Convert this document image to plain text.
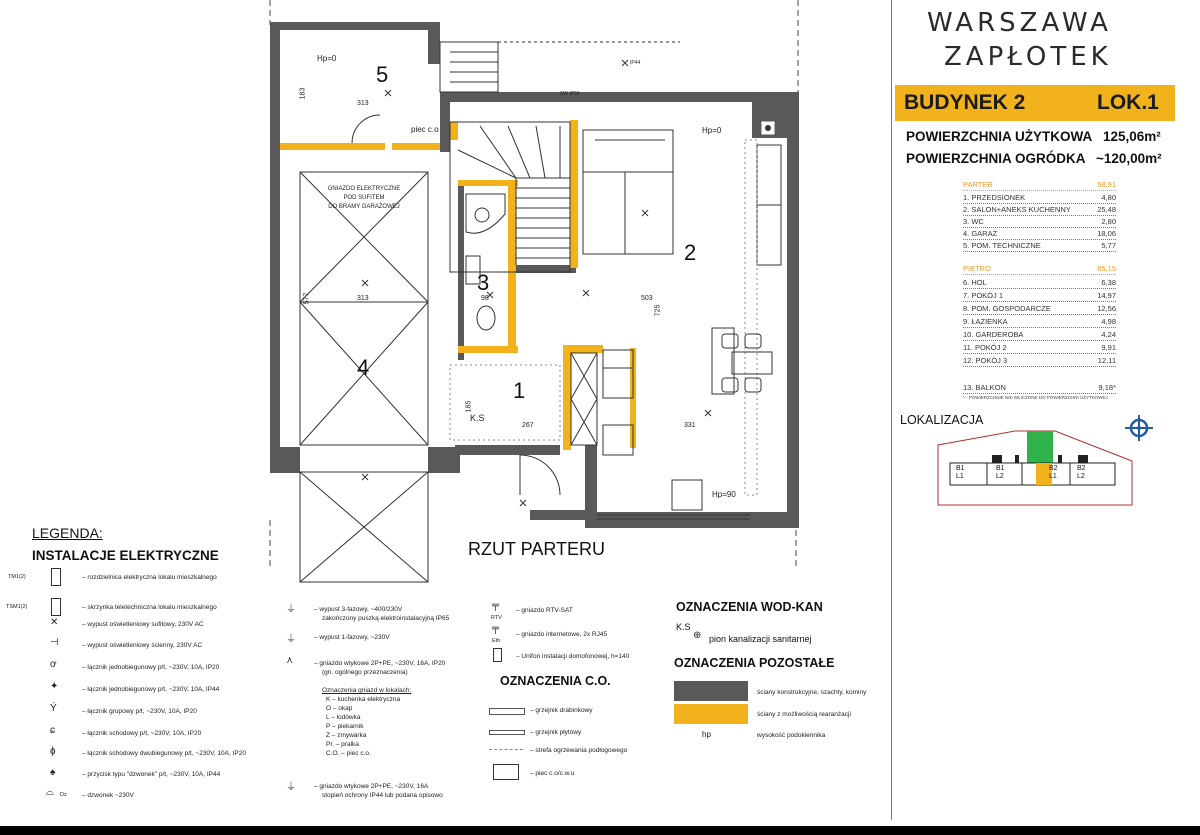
5
2
3
4
1
Hp=0
Hp=0
Hp=90
313
313	503
267	331
98
183
185
577
725
K.S
piec c.o
SW IP55
IP44
GNIAZDO ELEKTRYCZNE
POD SUFITEM
DO BRAMY GARAŻOWEJ
RZUT PARTERU
WARSZAWA
ZAPŁOTEK
BUDYNEK 2	LOK.1
POWIERZCHNIA UŻYTKOWA 125,06m²
POWIERZCHNIA OGRÓDKA ~120,00m²
PARTER	58,91
1. PRZEDSIONEK	4,80
2. SALON+ANEKS KUCHENNY	25,48
3. WC	2,80
4. GARAŻ	18,06
5. POM. TECHNICZNE	5,77
PIĘTRO	65,15
6. HOL	6,38
7. POKÓJ 1	14,97
8. POM. GOSPODARCZE	12,56
9. ŁAZIENKA	4,98
10. GARDEROBA	4,24
11. POKÓJ 2	9,91
12. POKÓJ 3	12,11
13. BALKON	9,18*
* - POWIERZCHNIE NIE WLICZONE DO POWIERZCHNI UŻYTKOWEJ
LOKALIZACJA
B1
L1
B1
L2
B2
L1
B2
L2
LEGENDA:
INSTALACJE ELEKTRYCZNE
TM1(2)	– rozdzielnica elektryczna lokalu mieszkalnego
TSM1(2)	– skrzynka teletechniczna lokalu mieszkalnego
✕	– wypust oświetleniowy sufitowy, 230V AC
⊣	– wypust oświetleniowy ścienny, 230V AC
ơ	– łącznik jednobiegunowy p/t, ~230V, 10A, IP20
✦	– łącznik jednobiegunowy p/t, ~230V, 10A, IP44
Ý	– łącznik grupowy p/t, ~230V, 10A, IP20
ɕ	– łącznik schodowy p/t, ~230V, 10A, IP20
ɸ	– łącznik schodowy dwubiegunowy p/t, ~230V, 10A, IP20
♠	– przycisk typu "dzwonek" p/t, ~230V, 10A, IP44
⌓ Dz – dzwonek ~230V
⏚	– wypust 3-fazowy, ~400/230V
zakończony puszką elektroinstalacyjną IP65
⏚	– wypust 1-fazowy, ~230V
⋏	– gniazdo wtykowe 2P+PE, ~230V, 16A, IP20
(gn. ogólnego przeznaczenia)
Oznaczenia gniazd w lokalach:
K – kuchenka elektryczna
O – okap
L – lodówka
P – piekarnik
Z – zmywarka
Pr. – pralka
C.O. – piec c.o.
⏚	– gniazdo wtykowe 2P+PE, ~230V, 16A
stopień ochrony IP44 lub podana opisowo
RTV
╤	– gniazdo RTV-SAT
Eth
╤
– gniazdo internetowe, 2x RJ45
– Unifon instalacji domofonowej, h=140
OZNACZENIA C.O.
– grzejnik drabinkowy
– grzejnik płytowy
– strefa ogrzewania podłogowego
– piec c.o/c.w.u
OZNACZENIA WOD-KAN
K.S
⊕ pion kanalizacji sanitarnej
OZNACZENIA POZOSTAŁE
ściany konstrukcyjne, szachty, kominy
ściany z możliwością rearanżacji
hp	wysokość podokiennika
